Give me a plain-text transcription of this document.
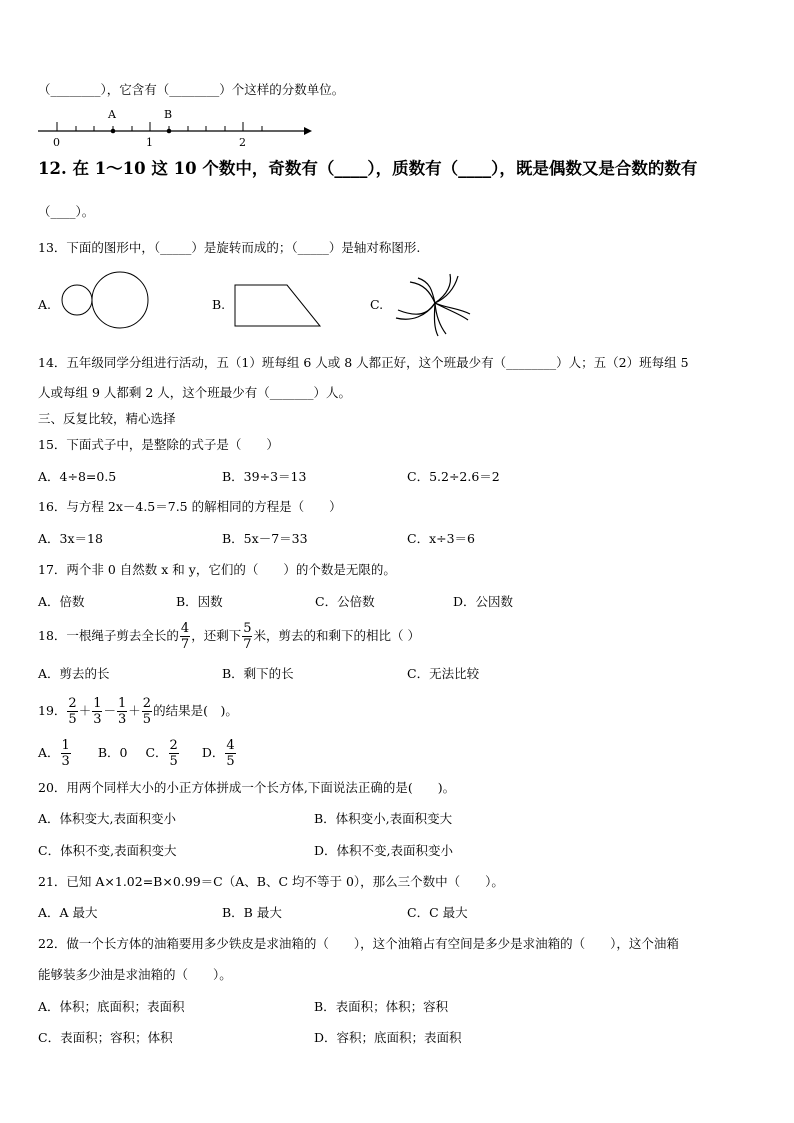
（________），它含有（________）个这样的分数单位。
A	B
0	1	2
12. 在 1～10 这 10 个数中，奇数有（____），质数有（____），既是偶数又是合数的数有
（____）。
13．下面的图形中，（_____）是旋转而成的；（_____）是轴对称图形.
A.	B.	C.
14．五年级同学分组进行活动，五（1）班每组 6 人或 8 人都正好，这个班最少有（________）人；五（2）班每组 5
人或每组 9 人都剩 2 人，这个班最少有（_______）人。
三、反复比较，精心选择
15．下面式子中，是整除的式子是（　　）
A．4÷8=0.5	B．39÷3＝13	C．5.2÷2.6＝2
16．与方程 2x－4.5＝7.5 的解相同的方程是（　　）
A．3x＝18	B．5x－7＝33	C．x÷3＝6
17．两个非 0 自然数 x 和 y，它们的（　　）的个数是无限的。
A．倍数	B．因数	C．公倍数	D．公因数
18．一根绳子剪去全长的 $\frac{4}{7}$ ，还剩下 $\frac{5}{7}$ 米，剪去的和剩下的相比（ ）
A．剪去的长	B．剩下的长	C．无法比较
19． $\frac{2}{5} + \frac{1}{3} - \frac{1}{3} + \frac{2}{5}$ 的结果是(　)。
A． $\frac{1}{3}$ B．0 C． $\frac{2}{5}$ D． $\frac{4}{5}$
20．用两个同样大小的小正方体拼成一个长方体,下面说法正确的是(　　)。
A．体积变大,表面积变小	B．体积变小,表面积变大
C．体积不变,表面积变大	D．体积不变,表面积变小
21．已知 A×1.02=B×0.99＝C（A、B、C 均不等于 0），那么三个数中（　　）。
A．A 最大	B．B 最大	C．C 最大
22．做一个长方体的油箱要用多少铁皮是求油箱的（　　），这个油箱占有空间是多少是求油箱的（　　），这个油箱
能够装多少油是求油箱的（　　）。
A．体积；底面积；表面积	B．表面积；体积；容积
C．表面积；容积；体积	D．容积；底面积；表面积
